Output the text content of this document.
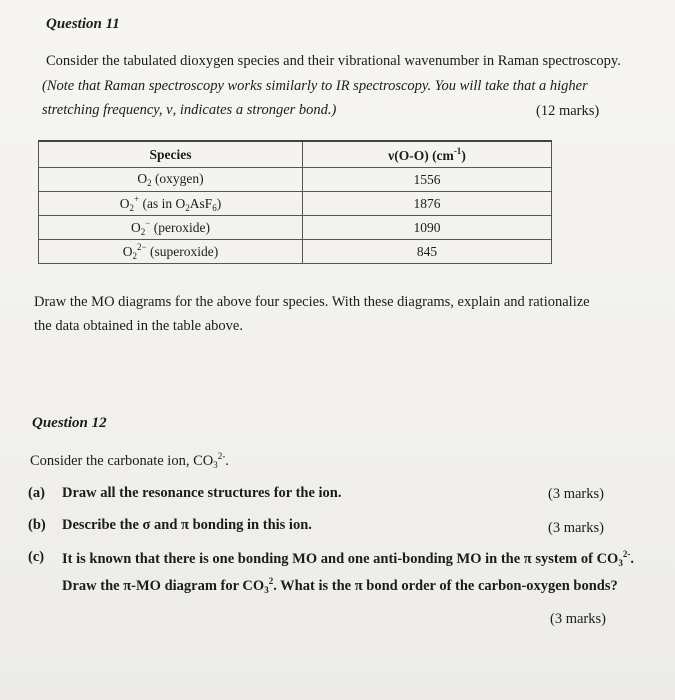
Question 11
Consider the tabulated dioxygen species and their vibrational wavenumber in Raman spectroscopy.
(Note that Raman spectroscopy works similarly to IR spectroscopy. You will take that a higher
stretching frequency, ν, indicates a stronger bond.)	(12 marks)
Species	ν(O-O) $(cm^{-1})$
$O_2$ (oxygen)	1556
$O_2^+$ (as in $O_2AsF_6$)	1876
$O_2^-$ (peroxide)	1090
$O_2^{2-}$ (superoxide)	845
Draw the MO diagrams for the above four species. With these diagrams, explain and rationalize
the data obtained in the table above.
Question 12
Consider the carbonate ion, $CO_3^{2-}$.
(a) Draw all the resonance structures for the ion.	(3 marks)
(b) Describe the σ and π bonding in this ion.	(3 marks)
(c) It is known that there is one bonding MO and one anti-bonding MO in the π system of $CO_3^{2-}$.
Draw the π-MO diagram for $CO_3^2$. What is the π bond order of the carbon-oxygen bonds?
(3 marks)
